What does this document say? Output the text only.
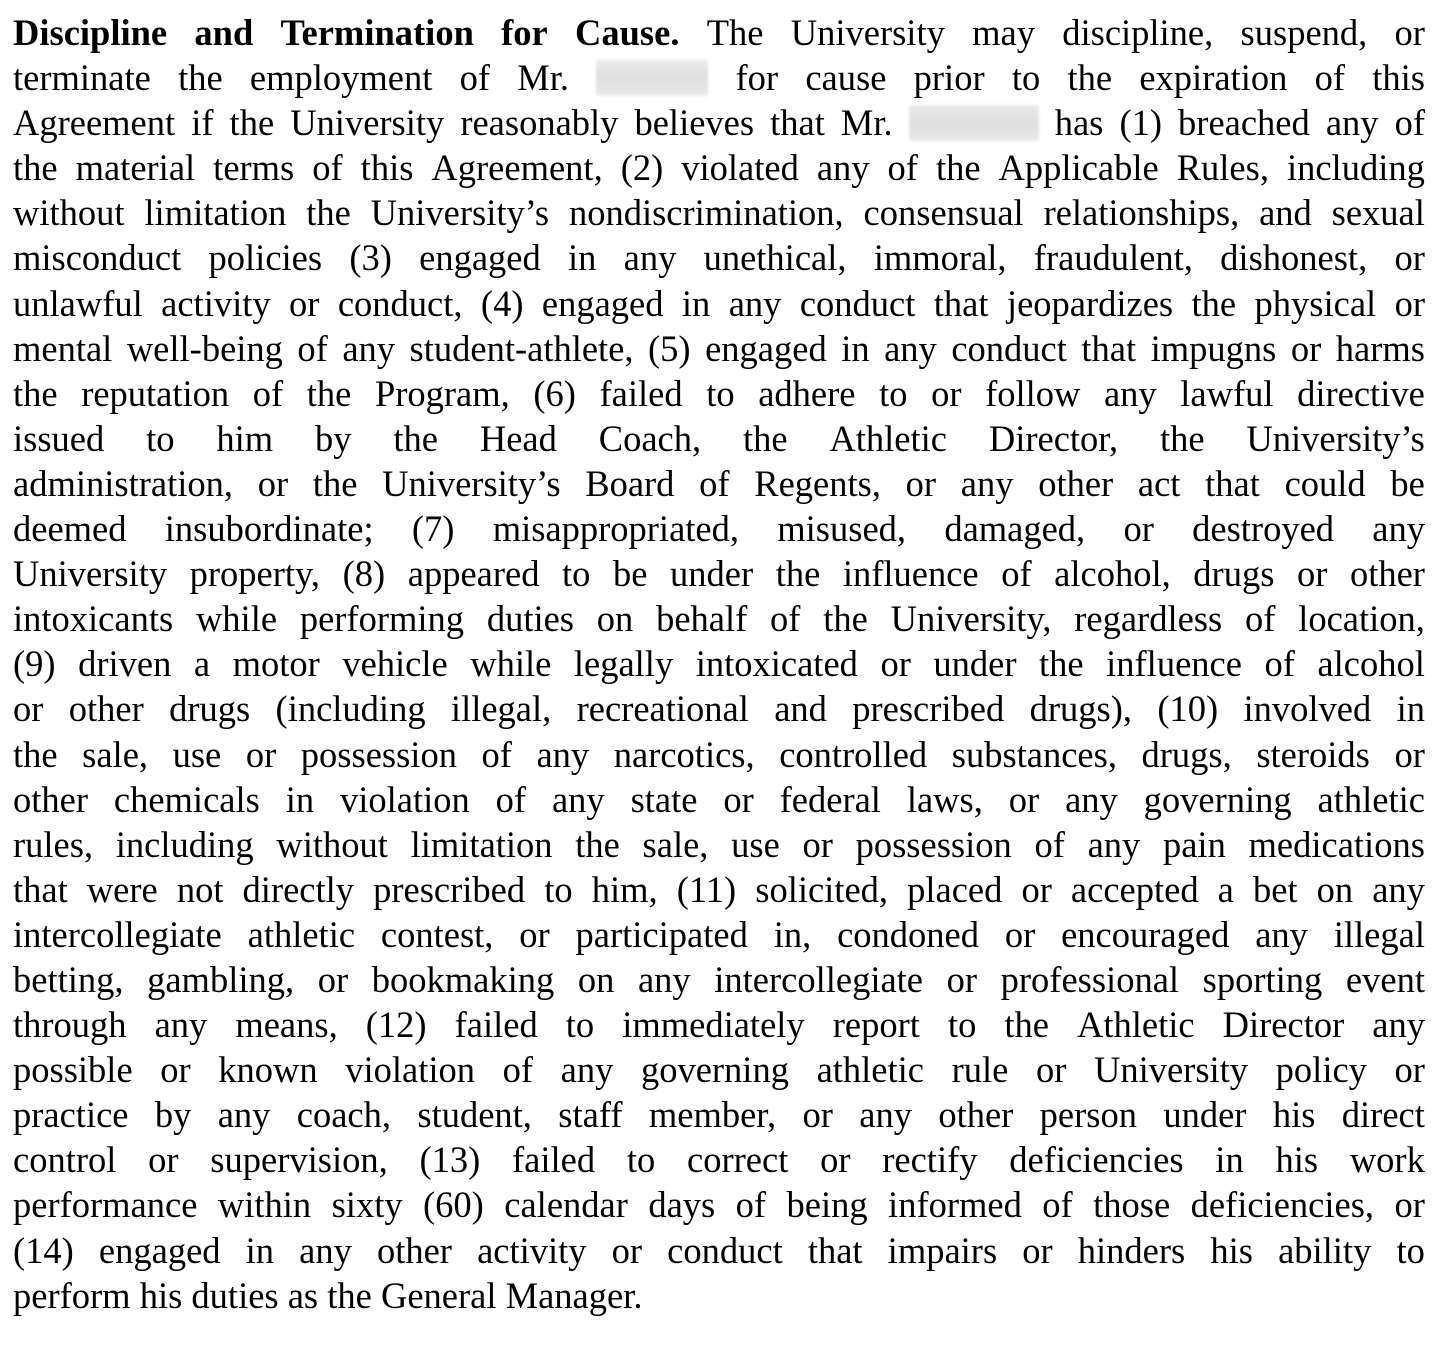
Discipline and Termination for Cause. The University may discipline, suspend, or
terminate the employment of Mr.	for cause prior to the expiration of this
Agreement if the University reasonably believes that Mr.	has (1) breached any of
the material terms of this Agreement, (2) violated any of the Applicable Rules, including
without limitation the University’s nondiscrimination, consensual relationships, and sexual
misconduct policies (3) engaged in any unethical, immoral, fraudulent, dishonest, or
unlawful activity or conduct, (4) engaged in any conduct that jeopardizes the physical or
mental well-being of any student-athlete, (5) engaged in any conduct that impugns or harms
the reputation of the Program, (6) failed to adhere to or follow any lawful directive
issued to him by the Head Coach, the Athletic Director, the University’s
administration, or the University’s Board of Regents, or any other act that could be
deemed insubordinate; (7) misappropriated, misused, damaged, or destroyed any
University property, (8) appeared to be under the influence of alcohol, drugs or other
intoxicants while performing duties on behalf of the University, regardless of location,
(9) driven a motor vehicle while legally intoxicated or under the influence of alcohol
or other drugs (including illegal, recreational and prescribed drugs), (10) involved in
the sale, use or possession of any narcotics, controlled substances, drugs, steroids or
other chemicals in violation of any state or federal laws, or any governing athletic
rules, including without limitation the sale, use or possession of any pain medications
that were not directly prescribed to him, (11) solicited, placed or accepted a bet on any
intercollegiate athletic contest, or participated in, condoned or encouraged any illegal
betting, gambling, or bookmaking on any intercollegiate or professional sporting event
through any means, (12) failed to immediately report to the Athletic Director any
possible or known violation of any governing athletic rule or University policy or
practice by any coach, student, staff member, or any other person under his direct
control or supervision, (13) failed to correct or rectify deficiencies in his work
performance within sixty (60) calendar days of being informed of those deficiencies, or
(14) engaged in any other activity or conduct that impairs or hinders his ability to
perform his duties as the General Manager.
